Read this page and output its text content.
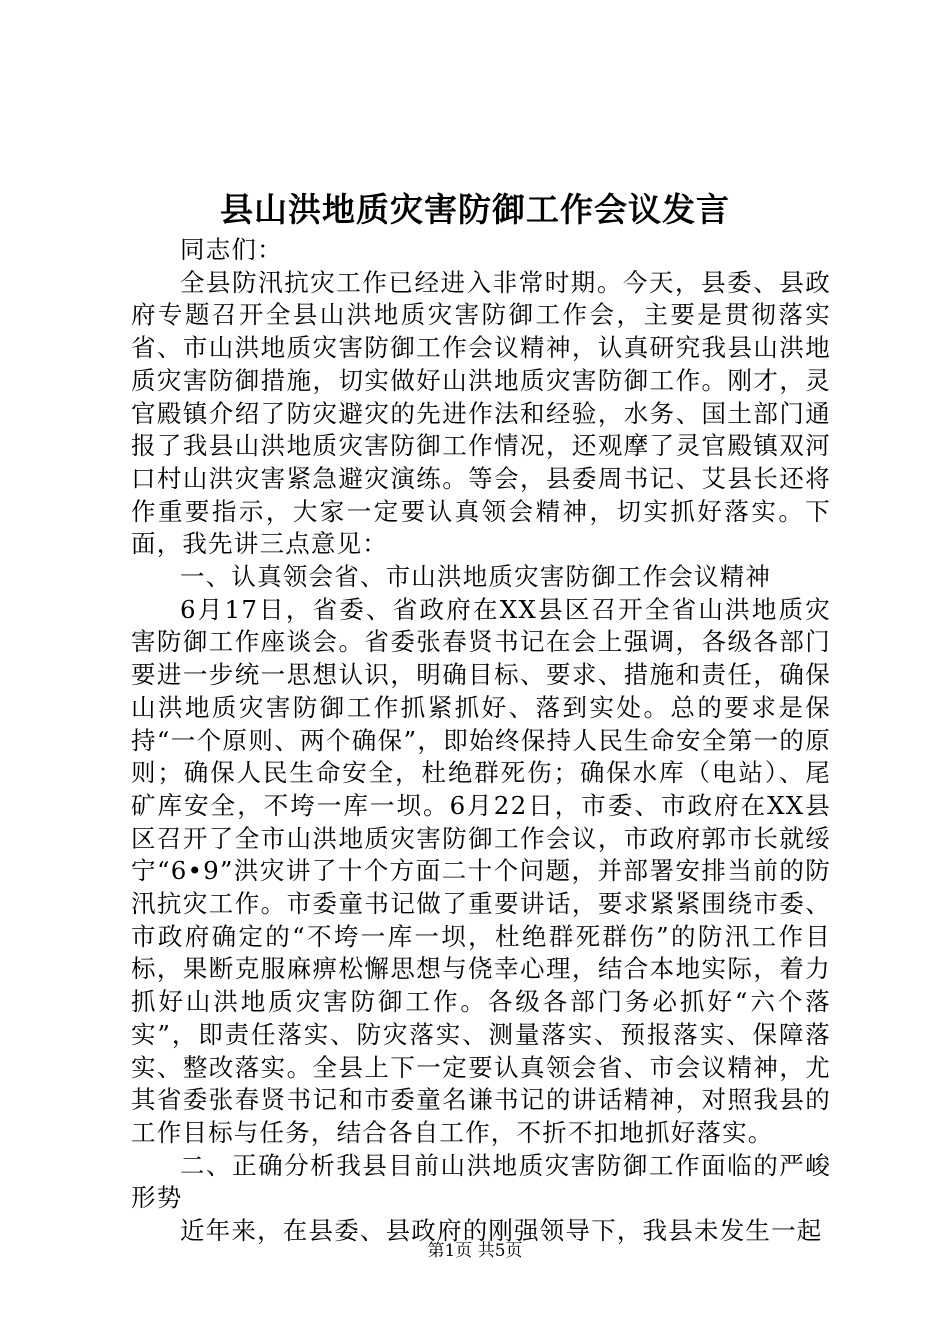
县山洪地质灾害防御工作会议发言

同志们：

全县防汛抗灾工作已经进入非常时期。今天，县委、县政府专题召开全县山洪地质灾害防御工作会，主要是贯彻落实省、市山洪地质灾害防御工作会议精神，认真研究我县山洪地质灾害防御措施，切实做好山洪地质灾害防御工作。刚才，灵官殿镇介绍了防灾避灾的先进作法和经验，水务、国土部门通报了我县山洪地质灾害防御工作情况，还观摩了灵官殿镇双河口村山洪灾害紧急避灾演练。等会，县委周书记、艾县长还将作重要指示，大家一定要认真领会精神，切实抓好落实。下面，我先讲三点意见：

一、认真领会省、市山洪地质灾害防御工作会议精神

6月17日，省委、省政府在XX县区召开全省山洪地质灾害防御工作座谈会。省委张春贤书记在会上强调，各级各部门要进一步统一思想认识，明确目标、要求、措施和责任，确保山洪地质灾害防御工作抓紧抓好、落到实处。总的要求是保持“一个原则、两个确保”，即始终保持人民生命安全第一的原则；确保人民生命安全，杜绝群死伤；确保水库（电站）、尾矿库安全，不垮一库一坝。6月22日，市委、市政府在XX县区召开了全市山洪地质灾害防御工作会议，市政府郭市长就绥宁“6•9”洪灾讲了十个方面二十个问题，并部署安排当前的防汛抗灾工作。市委童书记做了重要讲话，要求紧紧围绕市委、市政府确定的“不垮一库一坝，杜绝群死群伤”的防汛工作目标，果断克服麻痹松懈思想与侥幸心理，结合本地实际，着力抓好山洪地质灾害防御工作。各级各部门务必抓好“六个落实”，即责任落实、防灾落实、测量落实、预报落实、保障落实、整改落实。全县上下一定要认真领会省、市会议精神，尤其省委张春贤书记和市委童名谦书记的讲话精神，对照我县的工作目标与任务，结合各自工作，不折不扣地抓好落实。

二、正确分析我县目前山洪地质灾害防御工作面临的严峻形势

近年来，在县委、县政府的刚强领导下，我县未发生一起

第1页 共5页
